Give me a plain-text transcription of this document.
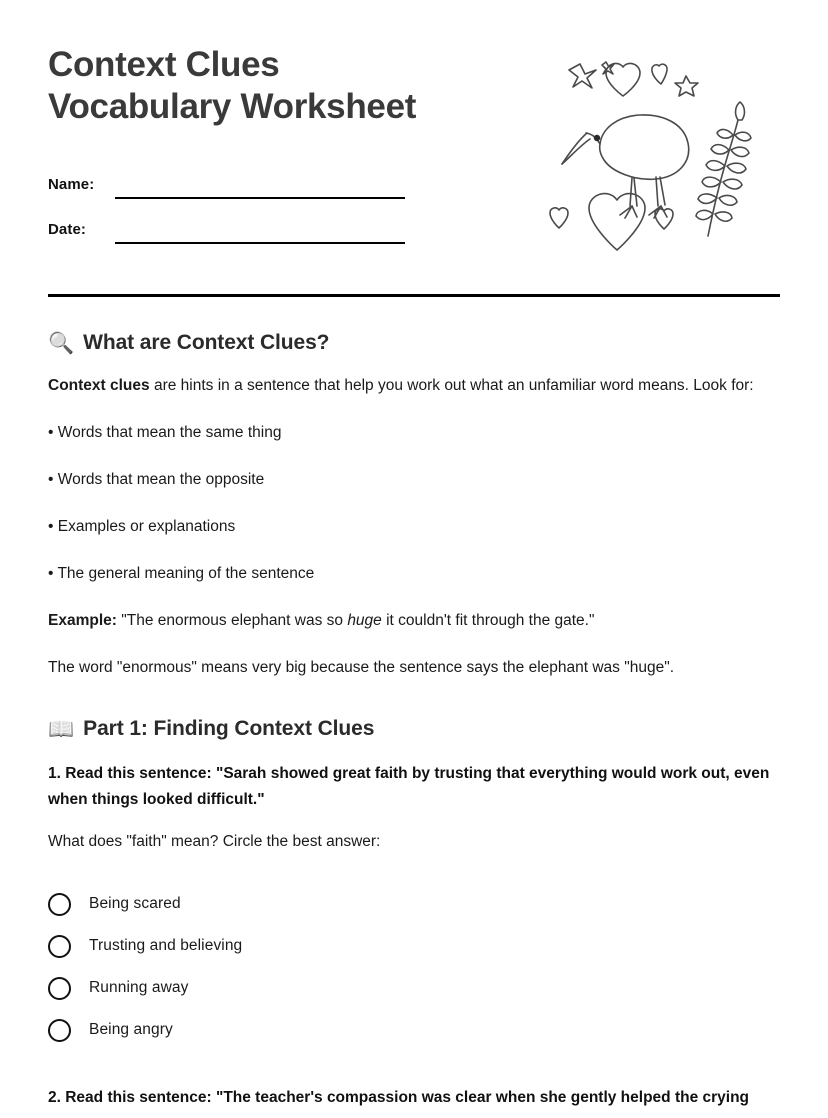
Context Clues
Vocabulary Worksheet
Name:
Date:
🔍 What are Context Clues?

Context clues are hints in a sentence that help you work out what an unfamiliar word means. Look for:

• Words that mean the same thing

• Words that mean the opposite

• Examples or explanations

• The general meaning of the sentence

Example: "The enormous elephant was so huge it couldn't fit through the gate."

The word "enormous" means very big because the sentence says the elephant was "huge".

📖 Part 1: Finding Context Clues

1. Read this sentence: "Sarah showed great faith by trusting that everything would work out, even when things looked difficult."

What does "faith" mean? Circle the best answer:

Being scared
Trusting and believing
Running away
Being angry

2. Read this sentence: "The teacher's compassion was clear when she gently helped the crying
